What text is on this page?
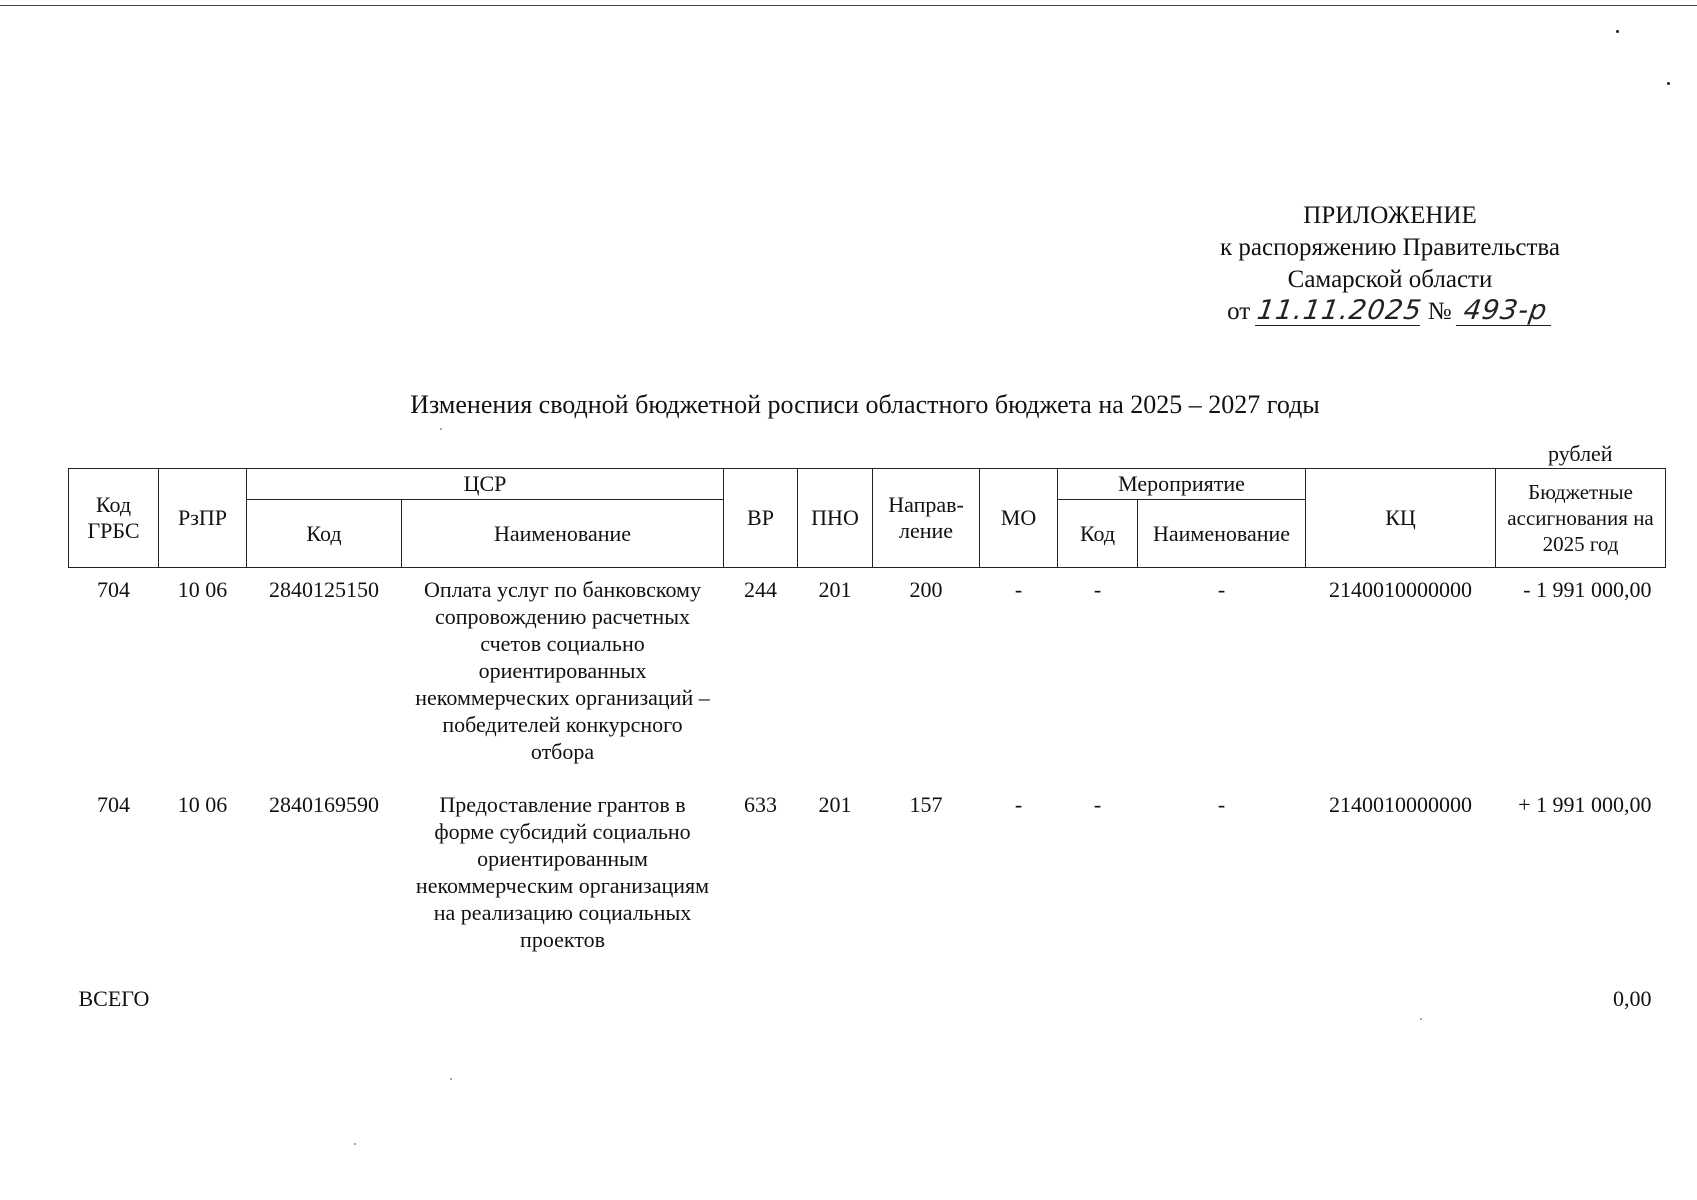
ПРИЛОЖЕНИЕ
к распоряжению Правительства
Самарской области
от 11.11.2025 № 493-р
Изменения сводной бюджетной росписи областного бюджета на 2025 – 2027 годы
рублей
Код ГРБС	РзПР	ЦСР		ВР	ПНО	Направ-ление	МО	Мероприятие		КЦ	Бюджетные ассигнования на 2025 год
		Код	Наименование					Код	Наименование		
704	10 06	2840125150	Оплата услуг по банковскому сопровождению расчетных счетов социально ориентированных некоммерческих организаций – победителей конкурсного отбора	244	201	200	-	-	-	2140010000000	- 1 991 000,00
704	10 06	2840169590	Предоставление грантов в форме субсидий социально ориентированным некоммерческим организациям на реализацию социальных проектов	633	201	157	-	-	-	2140010000000	+ 1 991 000,00
ВСЕГО											0,00
